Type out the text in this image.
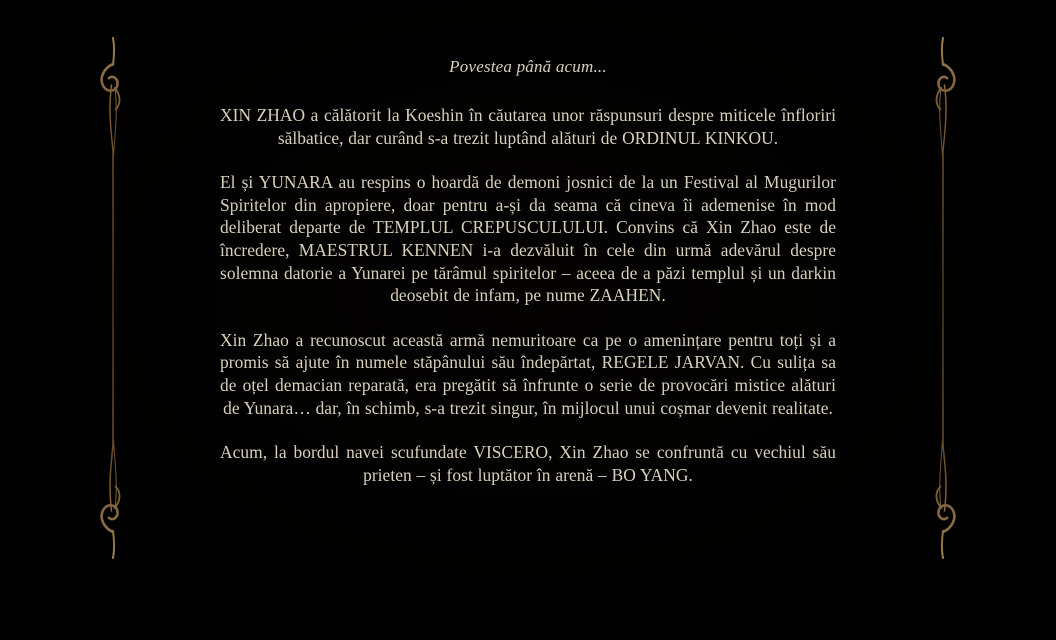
Povestea până acum...

XIN ZHAO a călătorit la Koeshin în căutarea unor răspunsuri despre miticele înfloriri sălbatice, dar curând s-a trezit luptând alături de ORDINUL KINKOU.

El și YUNARA au respins o hoardă de demoni josnici de la un Festival al Mugurilor Spiritelor din apropiere, doar pentru a-și da seama că cineva îi ademenise în mod deliberat departe de TEMPLUL CREPUSCULULUI. Convins că Xin Zhao este de încredere, MAESTRUL KENNEN i-a dezvăluit în cele din urmă adevărul despre solemna datorie a Yunarei pe tărâmul spiritelor – aceea de a păzi templul și un darkin deosebit de infam, pe nume ZAAHEN.

Xin Zhao a recunoscut această armă nemuritoare ca pe o amenințare pentru toți și a promis să ajute în numele stăpânului său îndepărtat, REGELE JARVAN. Cu sulița sa de oțel demacian reparată, era pregătit să înfrunte o serie de provocări mistice alături de Yunara… dar, în schimb, s-a trezit singur, în mijlocul unui coșmar devenit realitate.

Acum, la bordul navei scufundate VISCERO, Xin Zhao se confruntă cu vechiul său prieten – și fost luptător în arenă – BO YANG.
